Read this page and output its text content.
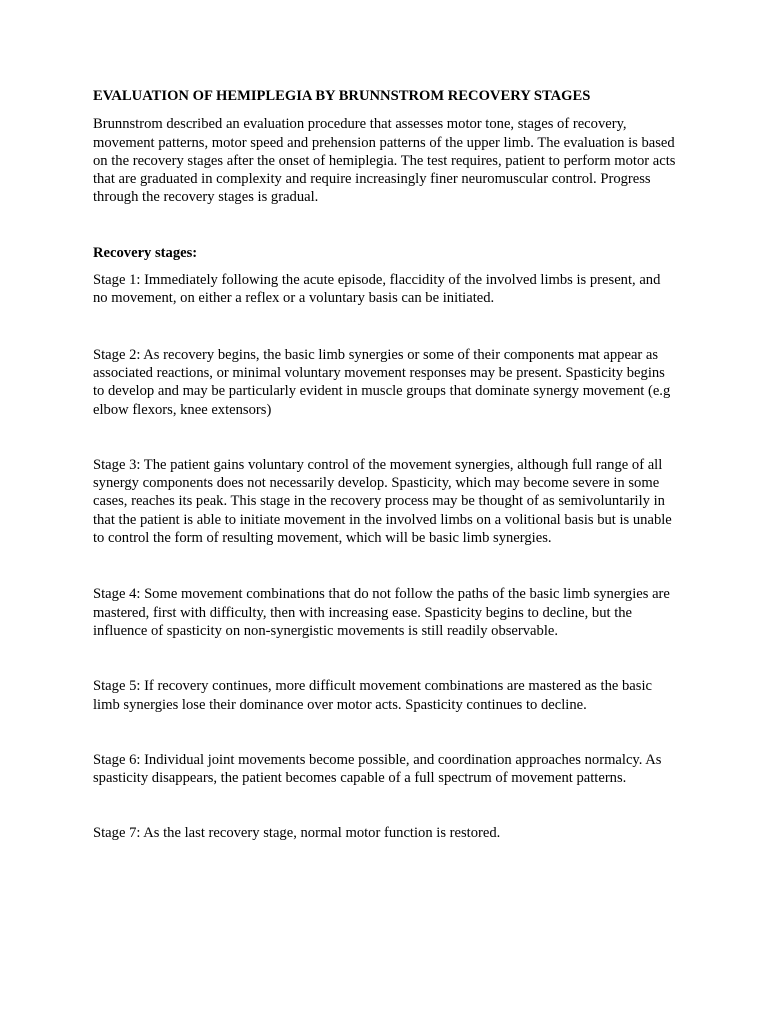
EVALUATION OF HEMIPLEGIA BY BRUNNSTROM RECOVERY STAGES

Brunnstrom described an evaluation procedure that assesses motor tone, stages of recovery, movement patterns, motor speed and prehension patterns of the upper limb. The evaluation is based on the recovery stages after the onset of hemiplegia. The test requires, patient to perform motor acts that are graduated in complexity and require increasingly finer neuromuscular control. Progress through the recovery stages is gradual.

Recovery stages:

Stage 1: Immediately following the acute episode, flaccidity of the involved limbs is present, and no movement, on either a reflex or a voluntary basis can be initiated.

Stage 2: As recovery begins, the basic limb synergies or some of their components mat appear as associated reactions, or minimal voluntary movement responses may be present. Spasticity begins to develop and may be particularly evident in muscle groups that dominate synergy movement (e.g elbow flexors, knee extensors)

Stage 3: The patient gains voluntary control of the movement synergies, although full range of all synergy components does not necessarily develop. Spasticity, which may become severe in some cases, reaches its peak. This stage in the recovery process may be thought of as semivoluntarily in that the patient is able to initiate movement in the involved limbs on a volitional basis but is unable to control the form of resulting movement, which will be basic limb synergies.

Stage 4: Some movement combinations that do not follow the paths of the basic limb synergies are mastered, first with difficulty, then with increasing ease. Spasticity begins to decline, but the influence of spasticity on non-synergistic movements is still readily observable.

Stage 5: If recovery continues, more difficult movement combinations are mastered as the basic limb synergies lose their dominance over motor acts. Spasticity continues to decline.

Stage 6: Individual joint movements become possible, and coordination approaches normalcy. As spasticity disappears, the patient becomes capable of a full spectrum of movement patterns.

Stage 7: As the last recovery stage, normal motor function is restored.
